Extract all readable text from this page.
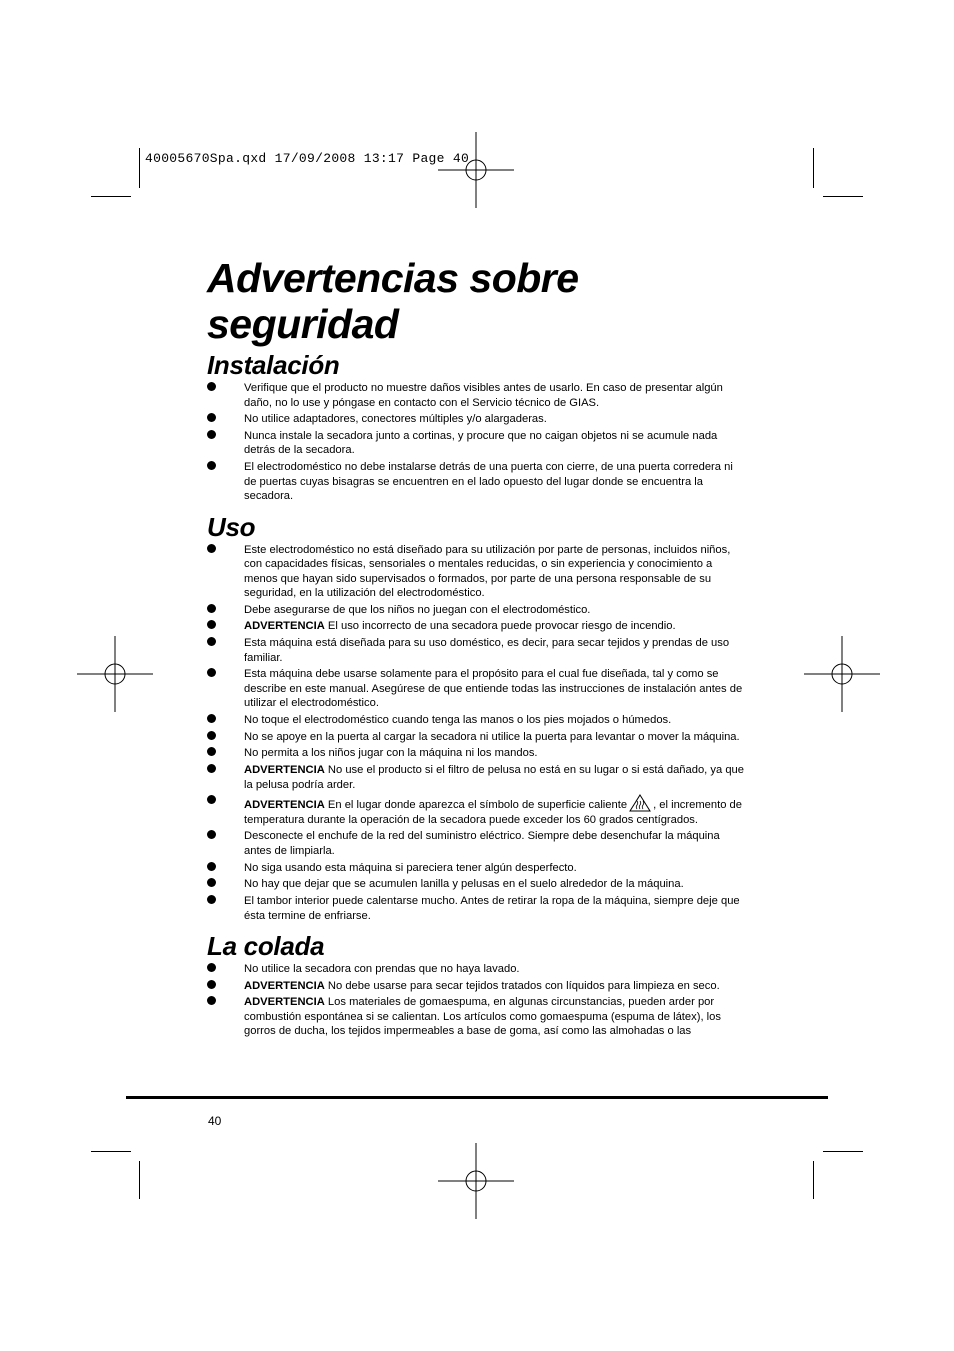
40005670Spa.qxd 17/09/2008 13:17 Page 40
Advertencias sobre seguridad
Instalación
Verifique que el producto no muestre daños visibles antes de usarlo. En caso de presentar algún daño, no lo use y póngase en contacto con el Servicio técnico de GIAS.
No utilice adaptadores, conectores múltiples y/o alargaderas.
Nunca instale la secadora junto a cortinas, y procure que no caigan objetos ni se acumule nada detrás de la secadora.
El electrodoméstico no debe instalarse detrás de una puerta con cierre, de una puerta corredera ni de puertas cuyas bisagras se encuentren en el lado opuesto del lugar donde se encuentra la secadora.
Uso
Este electrodoméstico no está diseñado para su utilización por parte de personas, incluidos niños, con capacidades físicas, sensoriales o mentales reducidas, o sin experiencia y conocimiento a menos que hayan sido supervisados o formados, por parte de una persona responsable de su seguridad, en la utilización del electrodoméstico.
Debe asegurarse de que los niños no juegan con el electrodoméstico.
ADVERTENCIA El uso incorrecto de una secadora puede provocar riesgo de incendio.
Esta máquina está diseñada para su uso doméstico, es decir, para secar tejidos y prendas de uso familiar.
Esta máquina debe usarse solamente para el propósito para el cual fue diseñada, tal y como se describe en este manual. Asegúrese de que entiende todas las instrucciones de instalación antes de utilizar el electrodoméstico.
No toque el electrodoméstico cuando tenga las manos o los pies mojados o húmedos.
No se apoye en la puerta al cargar la secadora ni utilice la puerta para levantar o mover la máquina.
No permita a los niños jugar con la máquina ni los mandos.
ADVERTENCIA No use el producto si el filtro de pelusa no está en su lugar o si está dañado, ya que la pelusa podría arder.
ADVERTENCIA En el lugar donde aparezca el símbolo de superficie caliente , el incremento de temperatura durante la operación de la secadora puede exceder los 60 grados centígrados.
Desconecte el enchufe de la red del suministro eléctrico. Siempre debe desenchufar la máquina antes de limpiarla.
No siga usando esta máquina si pareciera tener algún desperfecto.
No hay que dejar que se acumulen lanilla y pelusas en el suelo alrededor de la máquina.
El tambor interior puede calentarse mucho. Antes de retirar la ropa de la máquina, siempre deje que ésta termine de enfriarse.
La colada
No utilice la secadora con prendas que no haya lavado.
ADVERTENCIA No debe usarse para secar tejidos tratados con líquidos para limpieza en seco.
ADVERTENCIA Los materiales de gomaespuma, en algunas circunstancias, pueden arder por combustión espontánea si se calientan. Los artículos como gomaespuma (espuma de látex), los gorros de ducha, los tejidos impermeables a base de goma, así como las almohadas o las
40
